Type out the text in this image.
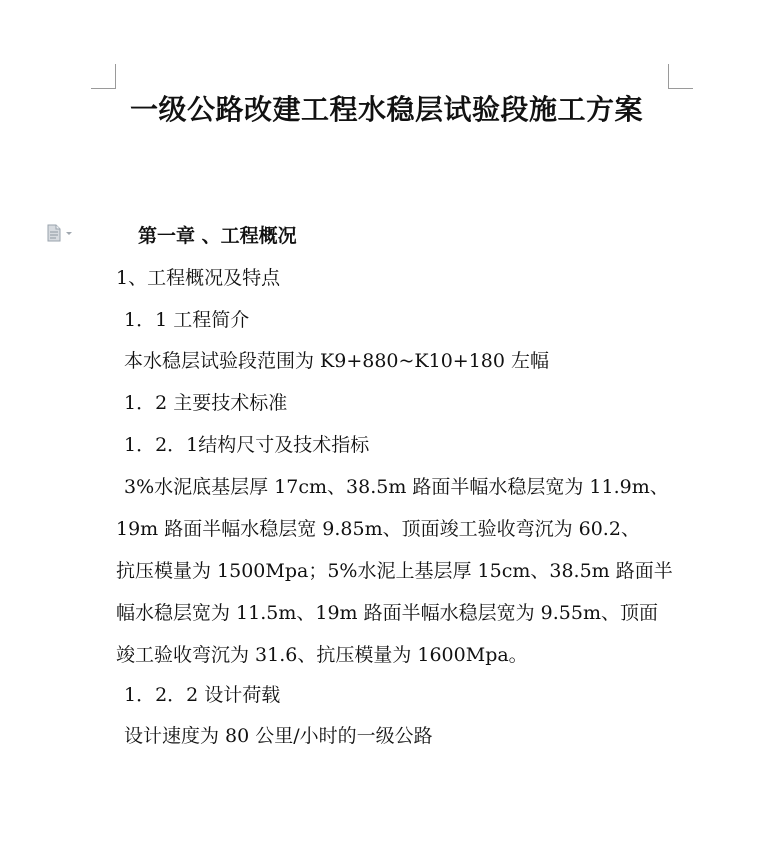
一级公路改建工程水稳层试验段施工方案
第一章 、工程概况
1、工程概况及特点
1．1 工程简介
本水稳层试验段范围为 K9+880~K10+180 左幅
1．2 主要技术标准
1．2．1结构尺寸及技术指标
3%水泥底基层厚 17cm、38.5m 路面半幅水稳层宽为 11.9m、
19m 路面半幅水稳层宽 9.85m、顶面竣工验收弯沉为 60.2、
抗压模量为 1500Mpa；5%水泥上基层厚 15cm、38.5m 路面半
幅水稳层宽为 11.5m、19m 路面半幅水稳层宽为 9.55m、顶面
竣工验收弯沉为 31.6、抗压模量为 1600Mpa。
1．2．2 设计荷载
设计速度为 80 公里/小时的一级公路
